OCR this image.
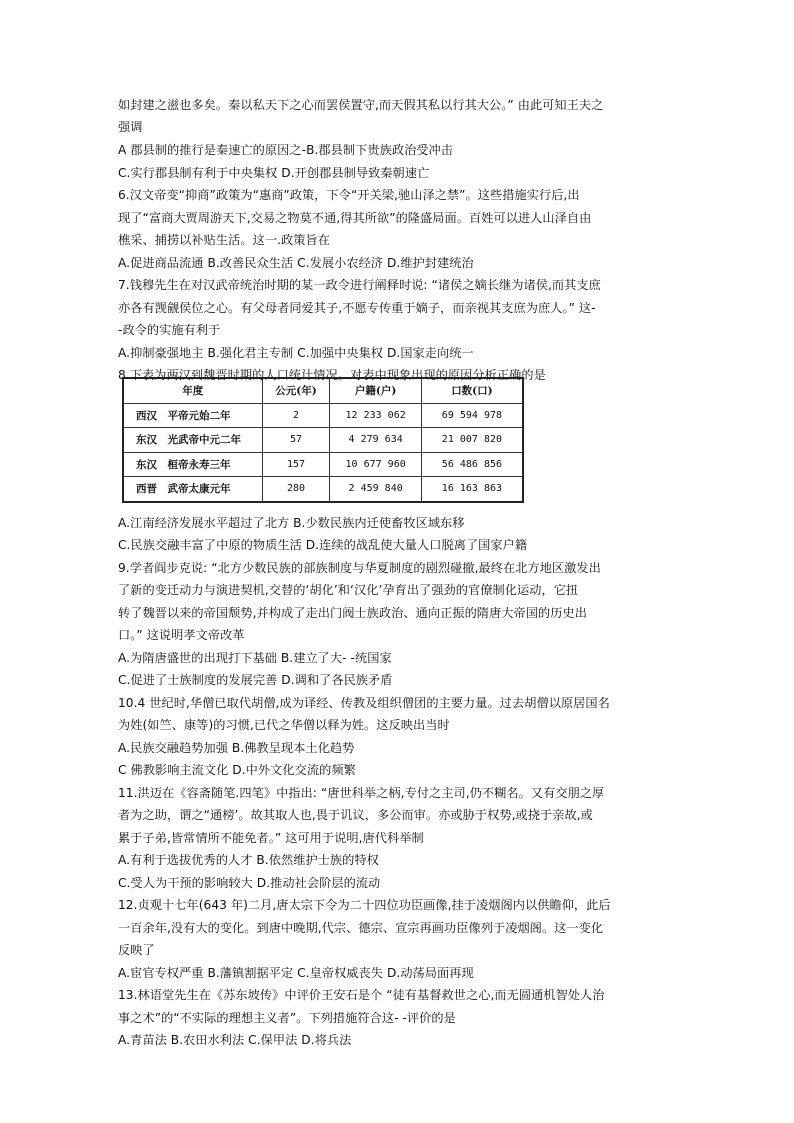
如封建之滋也多矣。秦以私天下之心而罢侯置守,而天假其私以行其大公。” 由此可知王夫之
强调
A 郡县制的推行是秦速亡的原因之-B.郡县制下贵族政治受冲击
C.实行郡县制有利于中央集权 D.开创郡县制导致秦朝速亡
6.汉文帝变“抑商”政策为“惠商”政策，下令“开关梁,驰山泽之禁”。这些措施实行后,出
现了“富商大贾周游天下,交易之物莫不通,得其所欲”的隆盛局面。百姓可以进人山泽自由
樵采、捕捞以补贴生活。这一.政策旨在
A.促进商品流通 B.改善民众生活 C.发展小农经济 D.维护封建统治
7.钱穆先生在对汉武帝统治时期的某一政令进行阐释时说: “诸侯之嫡长继为诸侯,而其支庶
亦各有觊觎侯位之心。有父母者同爱其子,不愿专传重于嫡子，而亲视其支庶为庶人。” 这-
-政令的实施有利于
A.抑制豪强地主 B.强化君主专制 C.加强中央集权 D.国家走向统一
8.下表为两汉到魏晋时期的人口统计情况。对表中现象出现的原因分析正确的是
年度	公元(年)	户籍(户)	口数(口)
西汉　平帝元始二年	2	12 233 062	69 594 978
东汉　光武帝中元二年	57	4 279 634	21 007 820
东汉　桓帝永寿三年	157	10 677 960	56 486 856
西晋　武帝太康元年	280	2 459 840	16 163 863
A.江南经济发展水平超过了北方 B.少数民族内迁使畜牧区域东移
C.民族交融丰富了中原的物质生活 D.连续的战乱使大量人口脱离了国家户籍
9.学者阎步克说: “北方少数民族的部族制度与华夏制度的剧烈碰撤,最终在北方地区激发出
了新的变迁动力与演进契机,交替的‘胡化’和‘汉化’孕育出了强劲的官僚制化运动，它扭
转了魏晋以来的帝国颓势,并构成了走出门阀士族政治、通向正振的隋唐大帝国的历史出
口。” 这说明孝文帝改革
A.为隋唐盛世的出现打下基础 B.建立了大- -统国家
C.促进了士族制度的发展完善 D.调和了各民族矛盾
10.4 世纪时,华僧已取代胡僧,成为译经、传教及组织僧团的主要力量。过去胡僧以原居国名
为姓(如竺、康等)的习惯,已代之华僧以释为姓。这反映出当时
A.民族交融趋势加强 B.佛教呈现本土化趋势
C 佛教影响主流文化 D.中外文化交流的频繁
11.洪迈在《容斋随笔.四笔》中指出: “唐世科举之柄,专付之主司,仍不糊名。又有交朋之厚
者为之助，谓之“通榜’。故其取人也,畏于讥议，多公而审。亦或胁于权势,或挠于亲故,或
累于子弟,皆常情所不能免者。” 这可用于说明,唐代科举制
A.有利于选拔优秀的人才 B.依然维护士族的特权
C.受人为干预的影响较大 D.推动社会阶层的流动
12.贞观十七年(643 年)二月,唐太宗下令为二十四位功臣画像,挂于凌烟阁内以供瞻仰，此后
一百余年,没有大的变化。到唐中晚期,代宗、德宗、宣宗再画功臣像列于凌烟阁。这一变化
反映了
A.宦官专权严重 B.藩镇割据平定 C.皇帝权威丧失 D.动荡局面再现
13.林语堂先生在《苏东坡传》中评价王安石是个 “徒有基督救世之心,而无圆通机智处人治
事之术”的“不实际的理想主义者”。下列措施符合这- -评价的是
A.青苗法 B.农田水利法 C.保甲法 D.将兵法
